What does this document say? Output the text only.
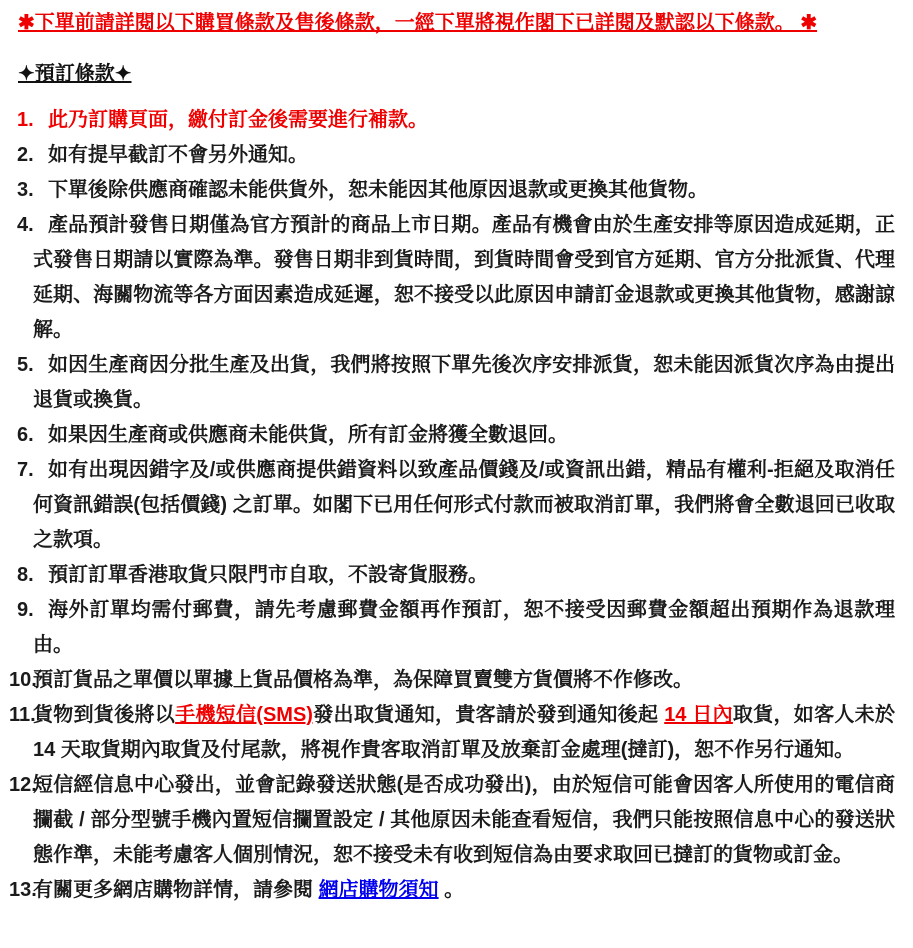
✱下單前請詳閱以下購買條款及售後條款，一經下單將視作閣下已詳閱及默認以下條款。 ✱

✦預訂條款✦
1. 此乃訂購頁面，繳付訂金後需要進行補款。
2. 如有提早截訂不會另外通知。
3. 下單後除供應商確認未能供貨外，恕未能因其他原因退款或更換其他貨物。
4. 產品預計發售日期僅為官方預計的商品上市日期。產品有機會由於生產安排等原因造成延期，正式發售日期請以實際為準。發售日期非到貨時間，到貨時間會受到官方延期、官方分批派貨、代理延期、海關物流等各方面因素造成延遲，恕不接受以此原因申請訂金退款或更換其他貨物，感謝諒解。
5. 如因生產商因分批生產及出貨，我們將按照下單先後次序安排派貨，恕未能因派貨次序為由提出退貨或換貨。
6. 如果因生產商或供應商未能供貨，所有訂金將獲全數退回。
7. 如有出現因錯字及/或供應商提供錯資料以致產品價錢及/或資訊出錯，精品有權利-拒絕及取消任何資訊錯誤(包括價錢) 之訂單。如閣下已用任何形式付款而被取消訂單，我們將會全數退回已收取之款項。
8. 預訂訂單香港取貨只限門市自取，不設寄貨服務。
9. 海外訂單均需付郵費，請先考慮郵費金額再作預訂，恕不接受因郵費金額超出預期作為退款理由。
10.
預訂貨品之單價以單據上貨品價格為準，為保障買賣雙方貨價將不作修改。
11.
貨物到貨後將以手機短信(SMS)發出取貨通知，貴客請於發到通知後起 14 日內取貨，如客人未於 14 天取貨期內取貨及付尾款，將視作貴客取消訂單及放棄訂金處理(撻訂)，恕不作另行通知。
12.
短信經信息中心發出，並會記錄發送狀態(是否成功發出)，由於短信可能會因客人所使用的電信商攔截 / 部分型號手機內置短信攔置設定 / 其他原因未能查看短信，我們只能按照信息中心的發送狀態作準，未能考慮客人個別情況，恕不接受未有收到短信為由要求取回已撻訂的貨物或訂金。
13.
有關更多網店購物詳情，請參閱 網店購物須知 。
